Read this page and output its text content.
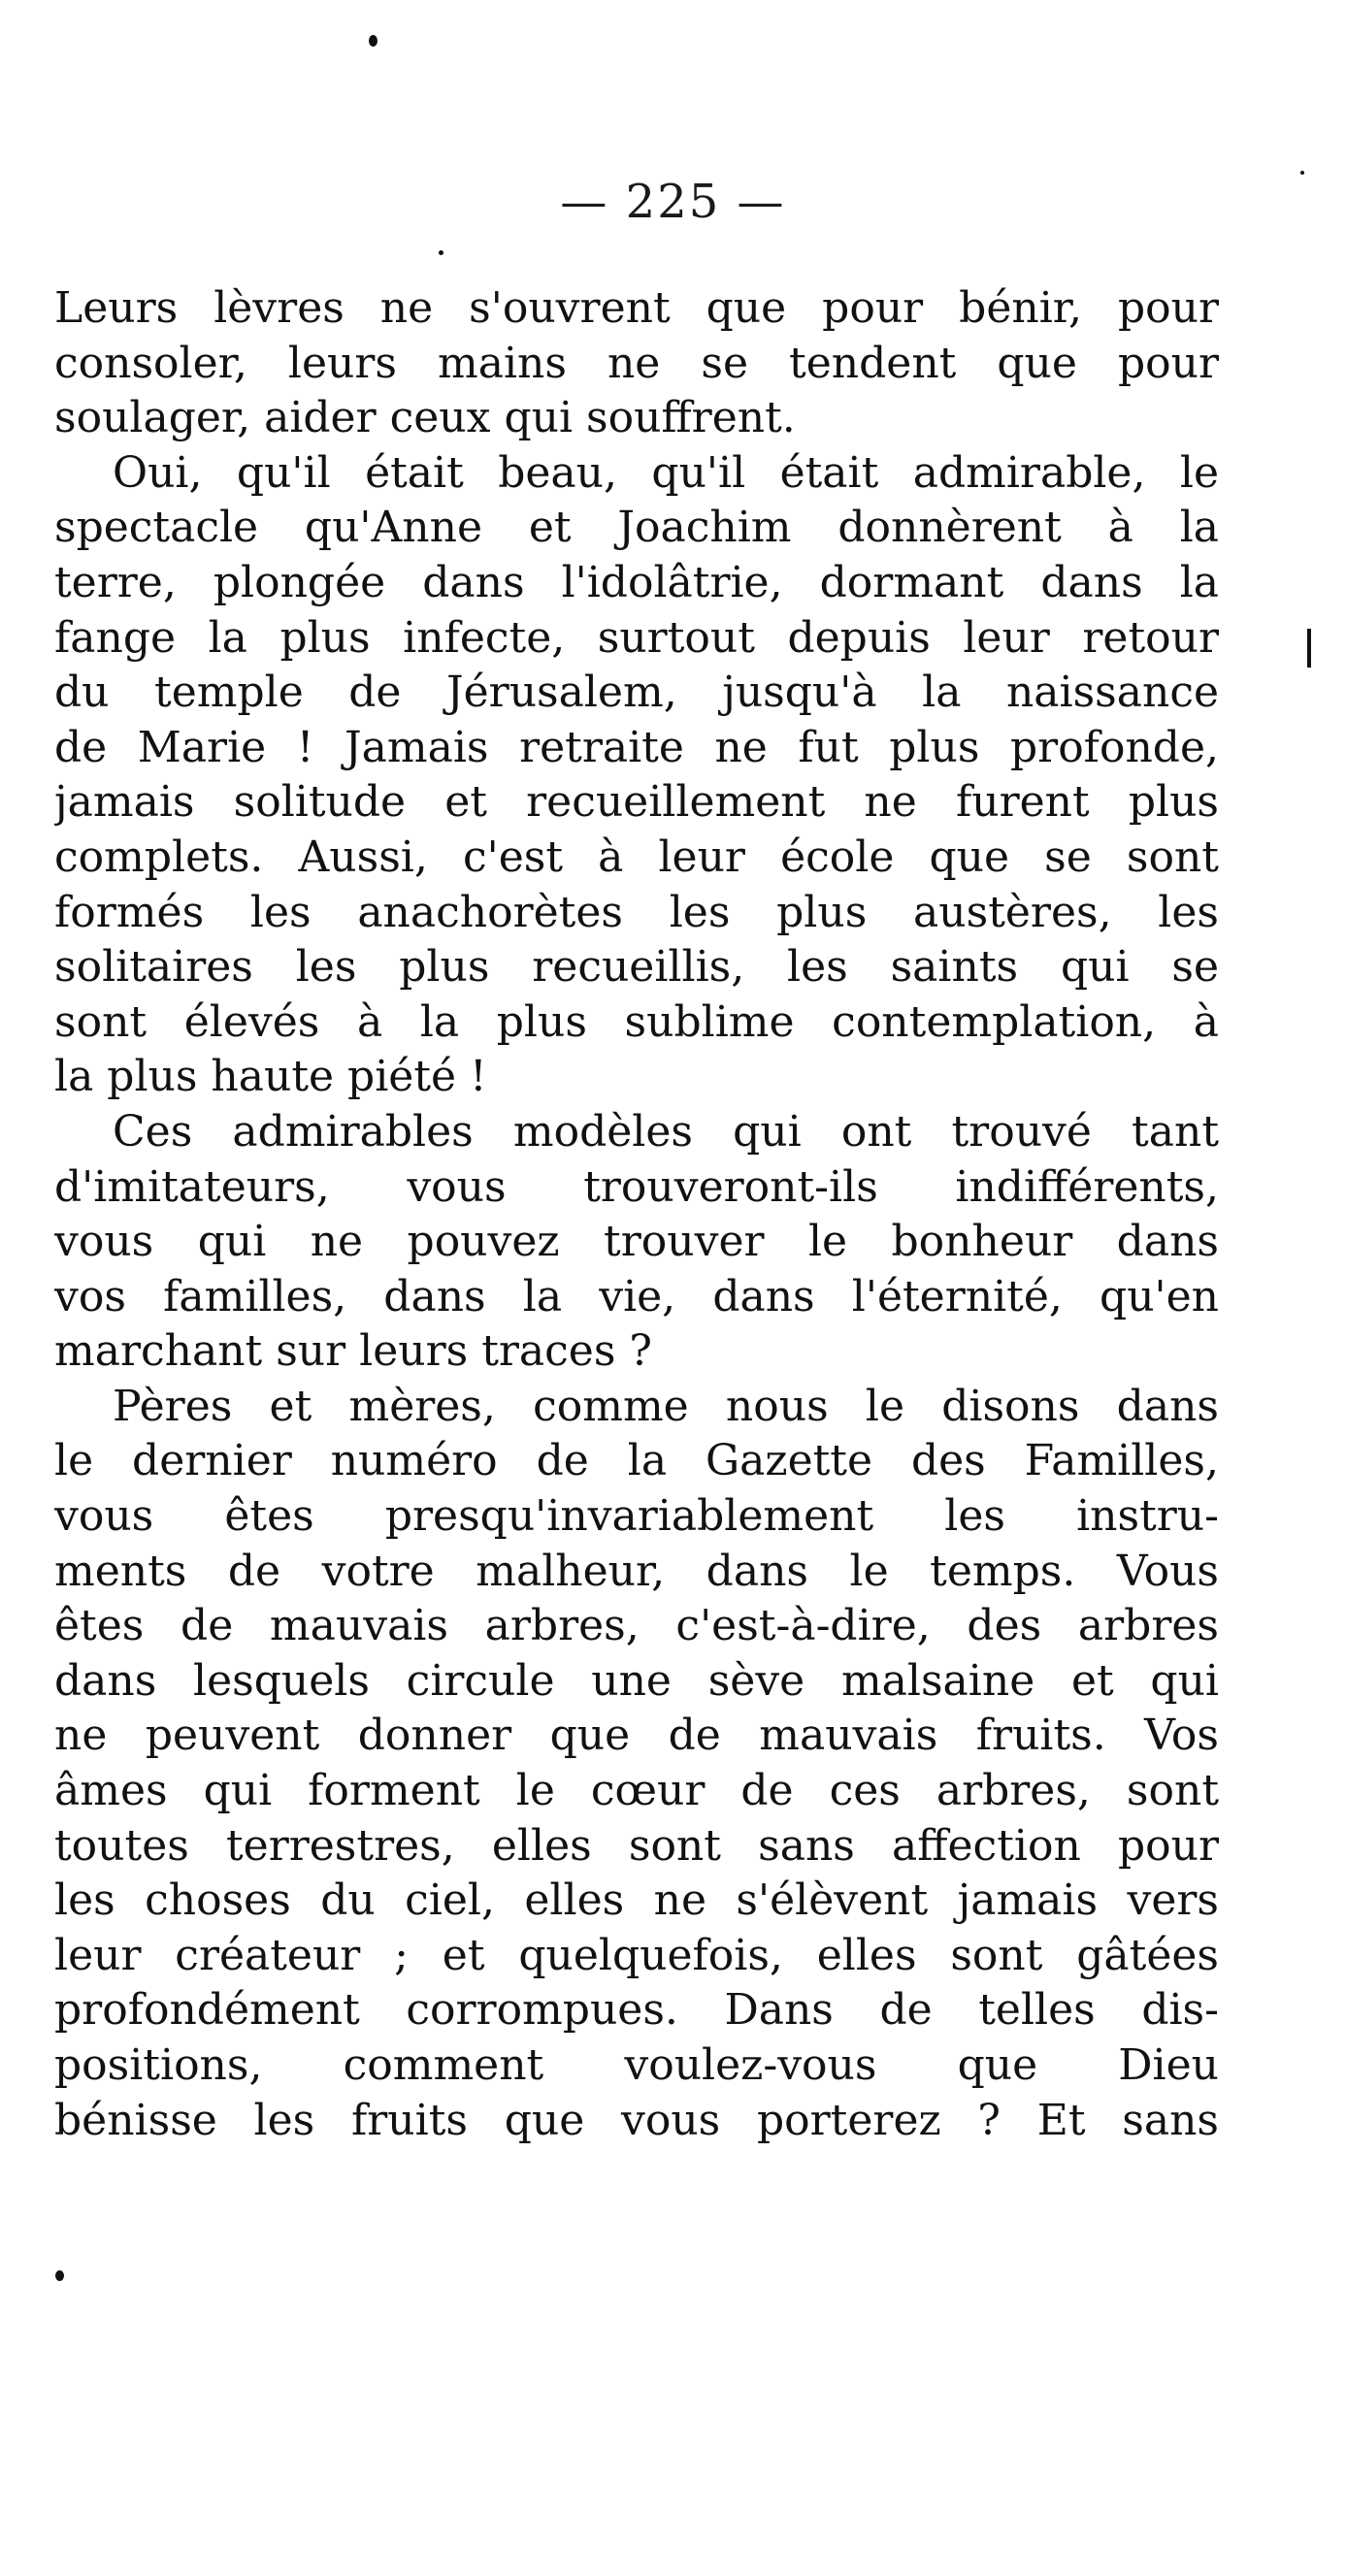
— 225 —
Leurs lèvres ne s'ouvrent que pour bénir, pour
consoler, leurs mains ne se tendent que pour
soulager, aider ceux qui souffrent.
Oui, qu'il était beau, qu'il était admirable, le
spectacle qu'Anne et Joachim donnèrent à la
terre, plongée dans l'idolâtrie, dormant dans la
fange la plus infecte, surtout depuis leur retour
du temple de Jérusalem, jusqu'à la naissance
de Marie ! Jamais retraite ne fut plus profonde,
jamais solitude et recueillement ne furent plus
complets. Aussi, c'est à leur école que se sont
formés les anachorètes les plus austères, les
solitaires les plus recueillis, les saints qui se
sont élevés à la plus sublime contemplation, à
la plus haute piété !
Ces admirables modèles qui ont trouvé tant
d'imitateurs, vous trouveront-ils indifférents,
vous qui ne pouvez trouver le bonheur dans
vos familles, dans la vie, dans l'éternité, qu'en
marchant sur leurs traces ?
Pères et mères, comme nous le disons dans
le dernier numéro de la Gazette des Familles,
vous êtes presqu'invariablement les instru-
ments de votre malheur, dans le temps. Vous
êtes de mauvais arbres, c'est-à-dire, des arbres
dans lesquels circule une sève malsaine et qui
ne peuvent donner que de mauvais fruits. Vos
âmes qui forment le cœur de ces arbres, sont
toutes terrestres, elles sont sans affection pour
les choses du ciel, elles ne s'élèvent jamais vers
leur créateur ; et quelquefois, elles sont gâtées
profondément corrompues. Dans de telles dis-
positions, comment voulez-vous que Dieu
bénisse les fruits que vous porterez ? Et sans
